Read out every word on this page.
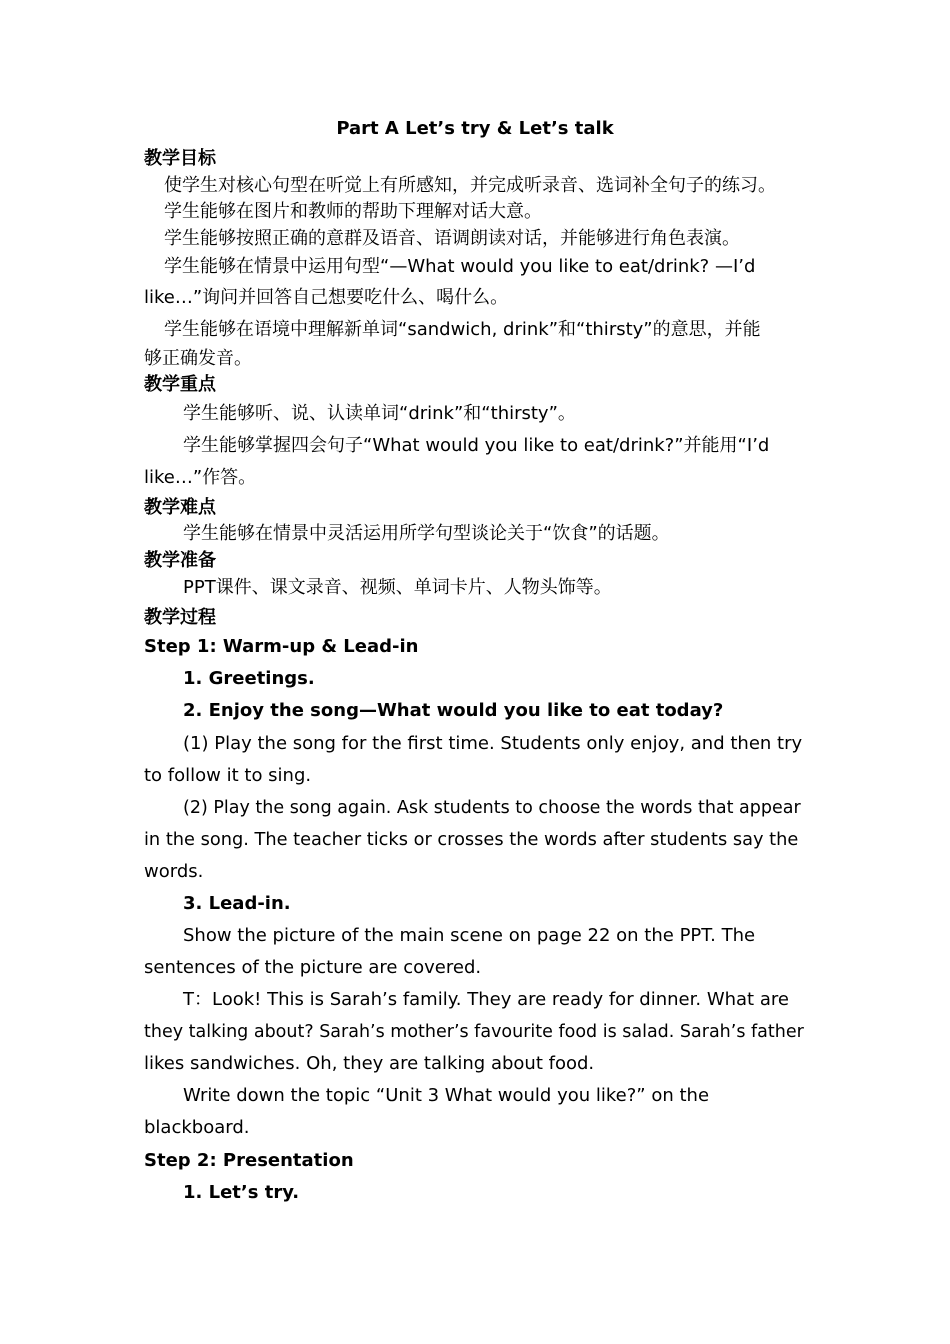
Part A Let’s try & Let’s talk
教学目标
使学生对核心句型在听觉上有所感知，并完成听录音、选词补全句子的练习。
学生能够在图片和教师的帮助下理解对话大意。
学生能够按照正确的意群及语音、语调朗读对话，并能够进行角色表演。
学生能够在情景中运用句型“—What would you like to eat/drink? —I’d
like…”询问并回答自己想要吃什么、喝什么。
学生能够在语境中理解新单词“sandwich, drink”和“thirsty”的意思，并能
够正确发音。
教学重点
学生能够听、说、认读单词“drink”和“thirsty”。
学生能够掌握四会句子“What would you like to eat/drink?”并能用“I’d
like…”作答。
教学难点
学生能够在情景中灵活运用所学句型谈论关于“饮食”的话题。
教学准备
PPT课件、课文录音、视频、单词卡片、人物头饰等。
教学过程
Step 1: Warm-up & Lead-in
1. Greetings.
2. Enjoy the song—What would you like to eat today?
(1) Play the song for the first time. Students only enjoy, and then try
to follow it to sing.
(2) Play the song again. Ask students to choose the words that appear
in the song. The teacher ticks or crosses the words after students say the
words.
3. Lead-in.
Show the picture of the main scene on page 22 on the PPT. The
sentences of the picture are covered.
T：Look! This is Sarah’s family. They are ready for dinner. What are
they talking about? Sarah’s mother’s favourite food is salad. Sarah’s father
likes sandwiches. Oh, they are talking about food.
Write down the topic “Unit 3 What would you like?” on the
blackboard.
Step 2: Presentation
1. Let’s try.
